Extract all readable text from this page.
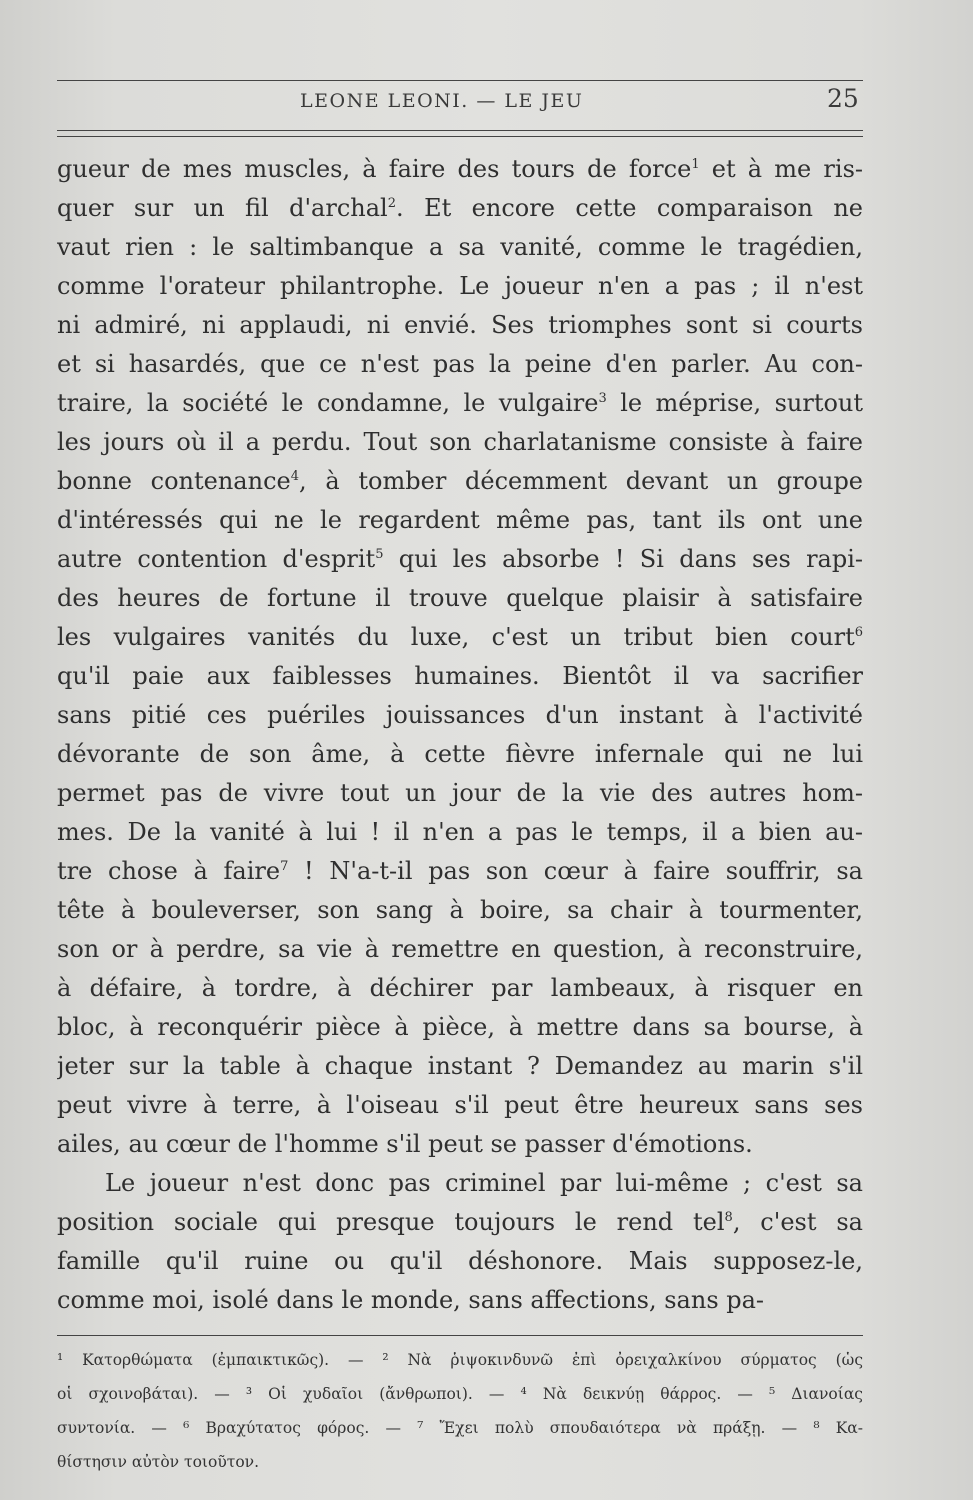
LEONE LEONI. — LE JEU	25
gueur de mes muscles, à faire des tours de force$^1$ et à me ris-
quer sur un fil d'archal$^2$. Et encore cette comparaison ne
vaut rien : le saltimbanque a sa vanité, comme le tragédien,
comme l'orateur philantrophe. Le joueur n'en a pas ; il n'est
ni admiré, ni applaudi, ni envié. Ses triomphes sont si courts
et si hasardés, que ce n'est pas la peine d'en parler. Au con-
traire, la société le condamne, le vulgaire$^3$ le méprise, surtout
les jours où il a perdu. Tout son charlatanisme consiste à faire
bonne contenance$^4$, à tomber décemment devant un groupe
d'intéressés qui ne le regardent même pas, tant ils ont une
autre contention d'esprit$^5$ qui les absorbe ! Si dans ses rapi-
des heures de fortune il trouve quelque plaisir à satisfaire
les vulgaires vanités du luxe, c'est un tribut bien court$^6$
qu'il paie aux faiblesses humaines. Bientôt il va sacrifier
sans pitié ces puériles jouissances d'un instant à l'activité
dévorante de son âme, à cette fièvre infernale qui ne lui
permet pas de vivre tout un jour de la vie des autres hom-
mes. De la vanité à lui ! il n'en a pas le temps, il a bien au-
tre chose à faire$^7$ ! N'a-t-il pas son cœur à faire souffrir, sa
tête à bouleverser, son sang à boire, sa chair à tourmenter,
son or à perdre, sa vie à remettre en question, à reconstruire,
à défaire, à tordre, à déchirer par lambeaux, à risquer en
bloc, à reconquérir pièce à pièce, à mettre dans sa bourse, à
jeter sur la table à chaque instant ? Demandez au marin s'il
peut vivre à terre, à l'oiseau s'il peut être heureux sans ses
ailes, au cœur de l'homme s'il peut se passer d'émotions.
Le joueur n'est donc pas criminel par lui-même ; c'est sa
position sociale qui presque toujours le rend tel$^8$, c'est sa
famille qu'il ruine ou qu'il déshonore. Mais supposez-le,
comme moi, isolé dans le monde, sans affections, sans pa-
¹ Κατορθώματα (ἐμπαικτικῶς). — ² Νὰ ῥιψοκινδυνῶ ἐπὶ ὀρειχαλκίνου σύρματος (ὡς
οἱ σχοινοβάται). — ³ Οἱ χυδαῖοι (ἄνθρωποι). — ⁴ Νὰ δεικνύῃ θάρρος. — ⁵ Διανοίας
συντονία. — ⁶ Βραχύτατος φόρος. — ⁷ Ἔχει πολὺ σπουδαιότερα νὰ πράξῃ. — ⁸ Κα-
θίστησιν αὐτὸν τοιοῦτον.
